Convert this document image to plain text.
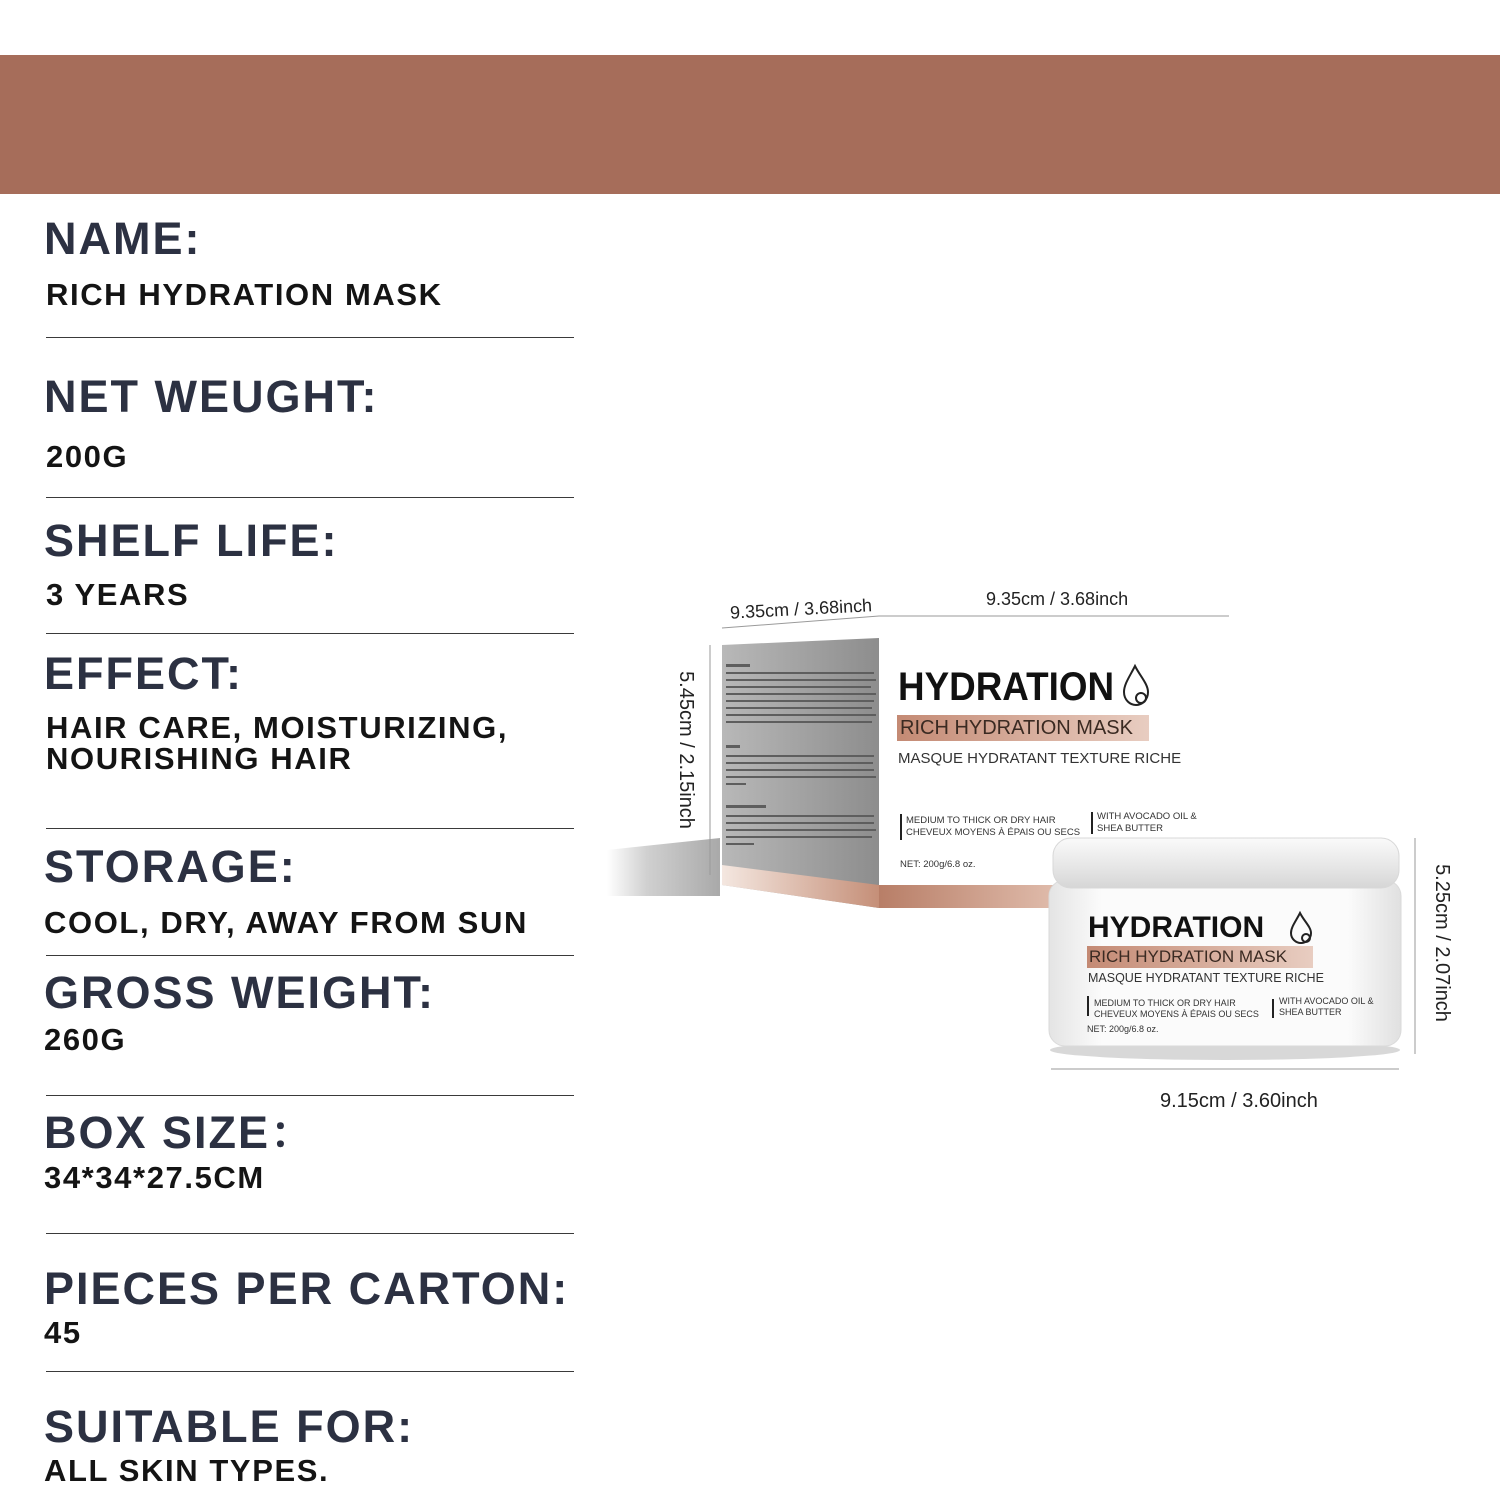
NAME:
RICH HYDRATION MASK
NET WEUGHT:
200G
SHELF LIFE:
3 YEARS
EFFECT:
HAIR CARE, MOISTURIZING,
NOURISHING HAIR
STORAGE:
COOL, DRY, AWAY FROM SUN
GROSS WEIGHT:
260G
BOX SIZE：
34*34*27.5CM
PIECES PER CARTON:
45
SUITABLE FOR:
ALL SKIN TYPES.
9.35cm / 3.68inch	9.35cm / 3.68inch
5.45cm / 2.15inch
5.25cm / 2.07inch
9.15cm / 3.60inch
HYDRATION
RICH HYDRATION MASK
MASQUE HYDRATANT TEXTURE RICHE
MEDIUM TO THICK OR DRY HAIR
CHEVEUX MOYENS À ÉPAIS OU SECS
WITH AVOCADO OIL &
SHEA BUTTER
NET: 200g/6.8 oz.
HYDRATION
RICH HYDRATION MASK
MASQUE HYDRATANT TEXTURE RICHE
MEDIUM TO THICK OR DRY HAIR
CHEVEUX MOYENS À ÉPAIS OU SECS
WITH AVOCADO OIL &
SHEA BUTTER
NET: 200g/6.8 oz.
